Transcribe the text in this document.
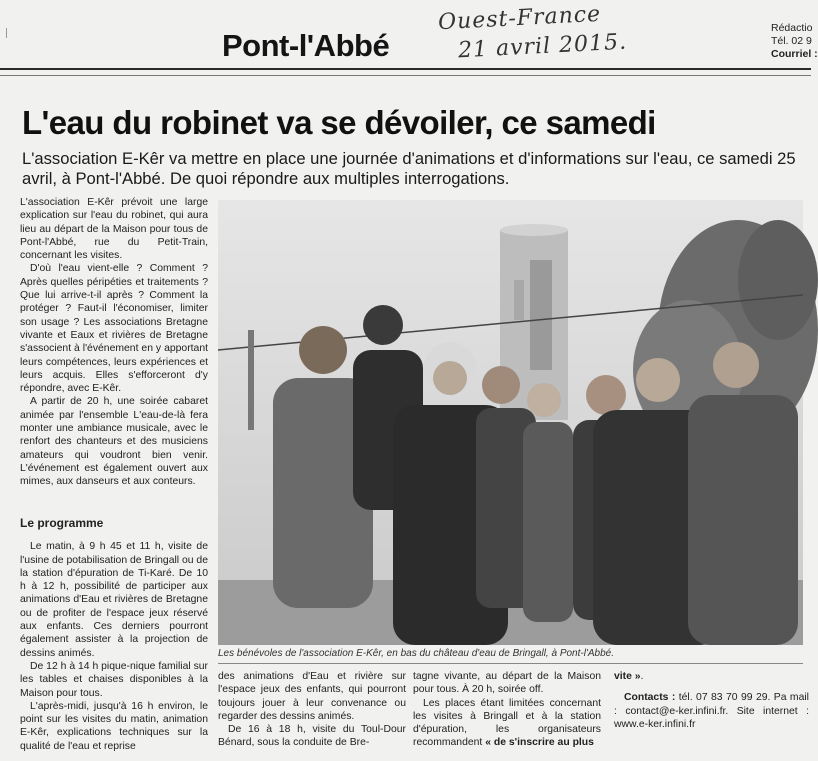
Pont-l'Abbé
Ouest-France
21 avril 2015.
Rédactio
Tél. 02 9
Courriel :
L'eau du robinet va se dévoiler, ce samedi
L'association E-Kêr va mettre en place une journée d'animations et d'informations sur l'eau, ce samedi 25 avril, à Pont-l'Abbé. De quoi répondre aux multiples interrogations.

L'association E-Kêr prévoit une large explication sur l'eau du robinet, qui aura lieu au départ de la Maison pour tous de Pont-l'Abbé, rue du Petit-Train, concernant les visites.

D'où l'eau vient-elle ? Comment ? Après quelles péripéties et traitements ? Que lui arrive-t-il après ? Comment la protéger ? Faut-il l'économiser, limiter son usage ? Les associations Bretagne vivante et Eaux et rivières de Bretagne s'associent à l'événement en y apportant leurs compétences, leurs expériences et leurs acquis. Elles s'efforceront d'y répondre, avec E-Kêr.

A partir de 20 h, une soirée cabaret animée par l'ensemble L'eau-de-là fera monter une ambiance musicale, avec le renfort des chanteurs et des musiciens amateurs qui voudront bien venir. L'événement est également ouvert aux mimes, aux danseurs et aux conteurs.

Le programme

Le matin, à 9 h 45 et 11 h, visite de l'usine de potabilisation de Bringall ou de la station d'épuration de Ti-Karé. De 10 h à 12 h, possibilité de participer aux animations d'Eau et rivières de Bretagne ou de profiter de l'espace jeux réservé aux enfants. Ces derniers pourront également assister à la projection de dessins animés.

De 12 h à 14 h pique-nique familial sur les tables et chaises disponibles à la Maison pour tous.

L'après-midi, jusqu'à 16 h environ, le point sur les visites du matin, animation E-Kêr, explications techniques sur la qualité de l'eau et reprise

Les bénévoles de l'association E-Kêr, en bas du château d'eau de Bringall, à Pont-l'Abbé.

des animations d'Eau et rivière sur l'espace jeux des enfants, qui pourront toujours jouer à leur convenance ou regarder des dessins animés.

De 16 à 18 h, visite du Toul-Dour Bénard, sous la conduite de Bre-

tagne vivante, au départ de la Maison pour tous. À 20 h, soirée off.

Les places étant limitées concernant les visites à Bringall et à la station d'épuration, les organisateurs recommandent « de s'inscrire au plus

vite ».

Contacts : tél. 07 83 70 99 29. Pa mail : contact@e-ker.infini.fr. Site internet : www.e-ker.infini.fr
